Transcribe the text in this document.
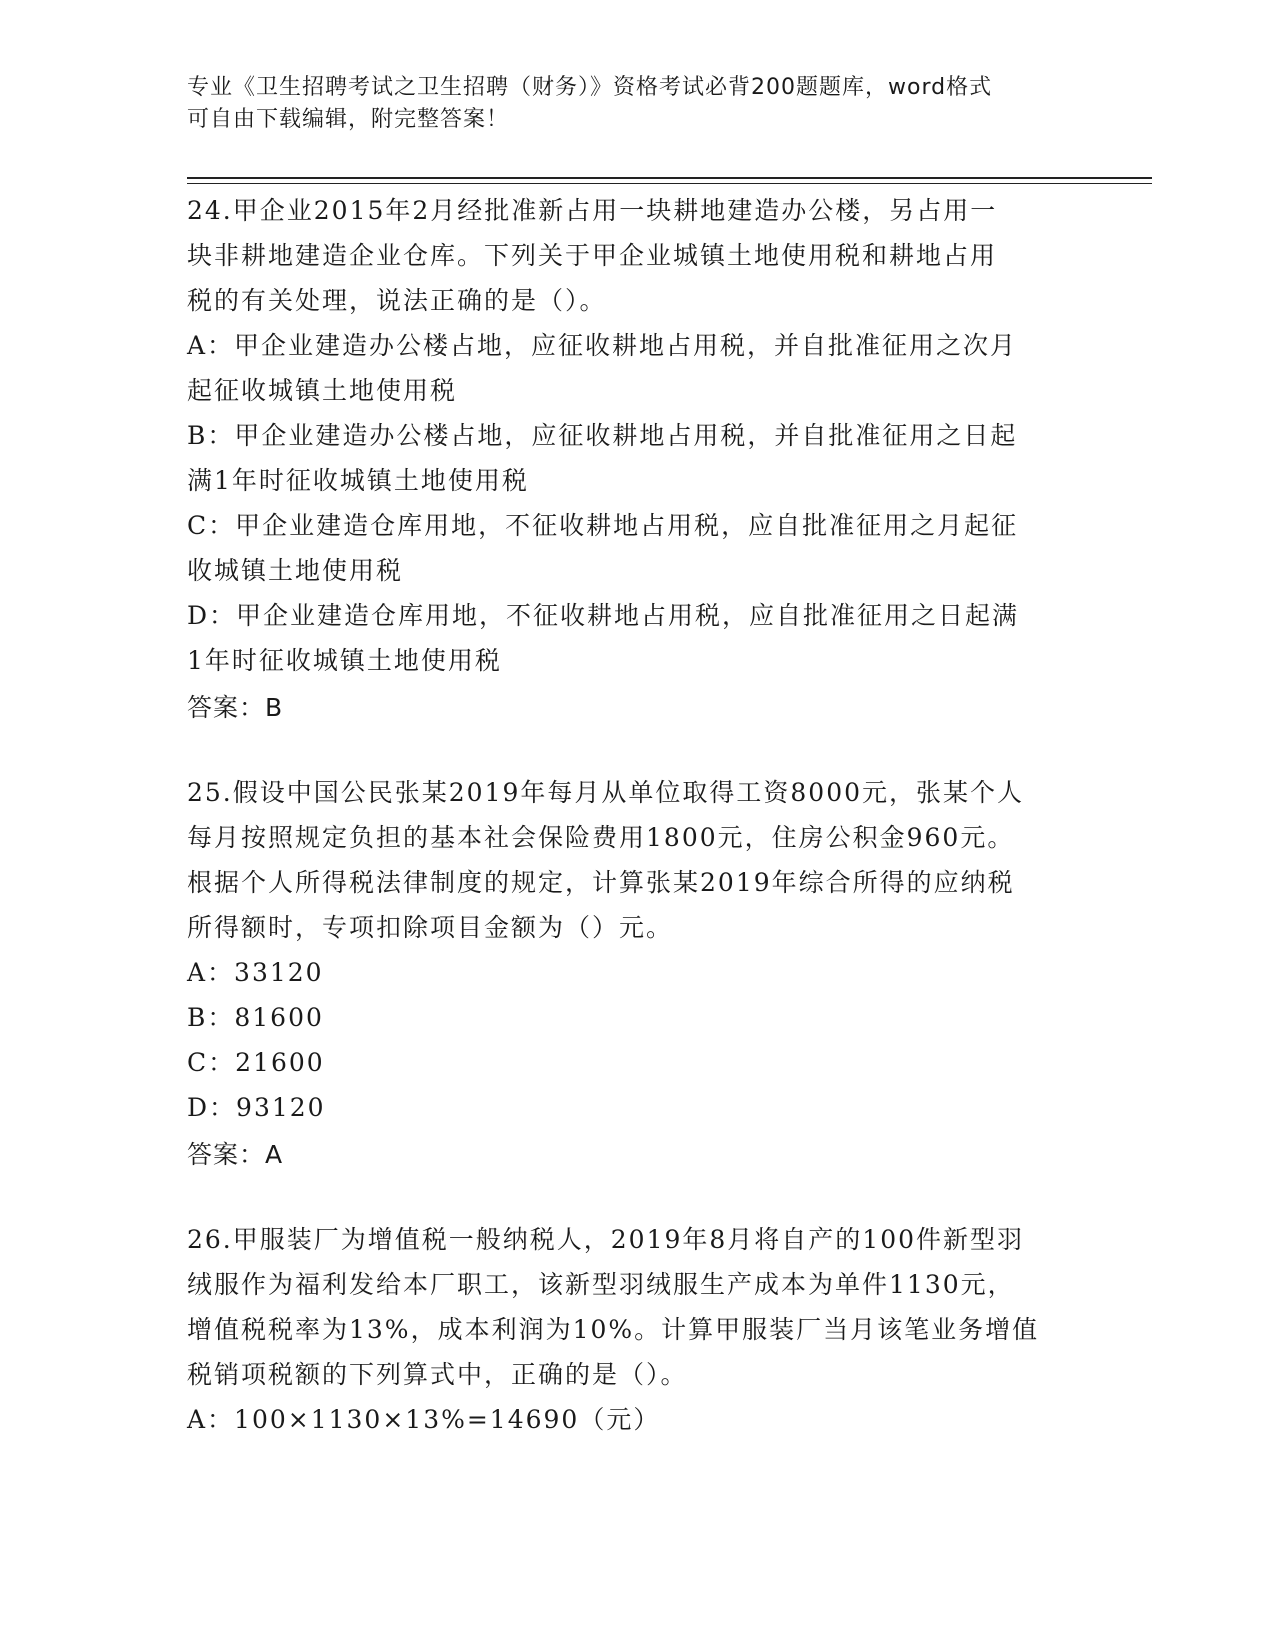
专业《卫生招聘考试之卫生招聘（财务）》资格考试必背200题题库，word格式
可自由下载编辑，附完整答案！
24.甲企业2015年2月经批准新占用一块耕地建造办公楼，另占用一
块非耕地建造企业仓库。下列关于甲企业城镇土地使用税和耕地占用
税的有关处理，说法正确的是（）。
A：甲企业建造办公楼占地，应征收耕地占用税，并自批准征用之次月
起征收城镇土地使用税
B：甲企业建造办公楼占地，应征收耕地占用税，并自批准征用之日起
满1年时征收城镇土地使用税
C：甲企业建造仓库用地，不征收耕地占用税，应自批准征用之月起征
收城镇土地使用税
D：甲企业建造仓库用地，不征收耕地占用税，应自批准征用之日起满
1年时征收城镇土地使用税
答案：B
25.假设中国公民张某2019年每月从单位取得工资8000元，张某个人
每月按照规定负担的基本社会保险费用1800元，住房公积金960元。
根据个人所得税法律制度的规定，计算张某2019年综合所得的应纳税
所得额时，专项扣除项目金额为（）元。
A：33120
B：81600
C：21600
D：93120
答案：A
26.甲服装厂为增值税一般纳税人，2019年8月将自产的100件新型羽
绒服作为福利发给本厂职工，该新型羽绒服生产成本为单件1130元，
增值税税率为13%，成本利润为10%。计算甲服装厂当月该笔业务增值
税销项税额的下列算式中，正确的是（）。
A：100×1130×13%=14690（元）
